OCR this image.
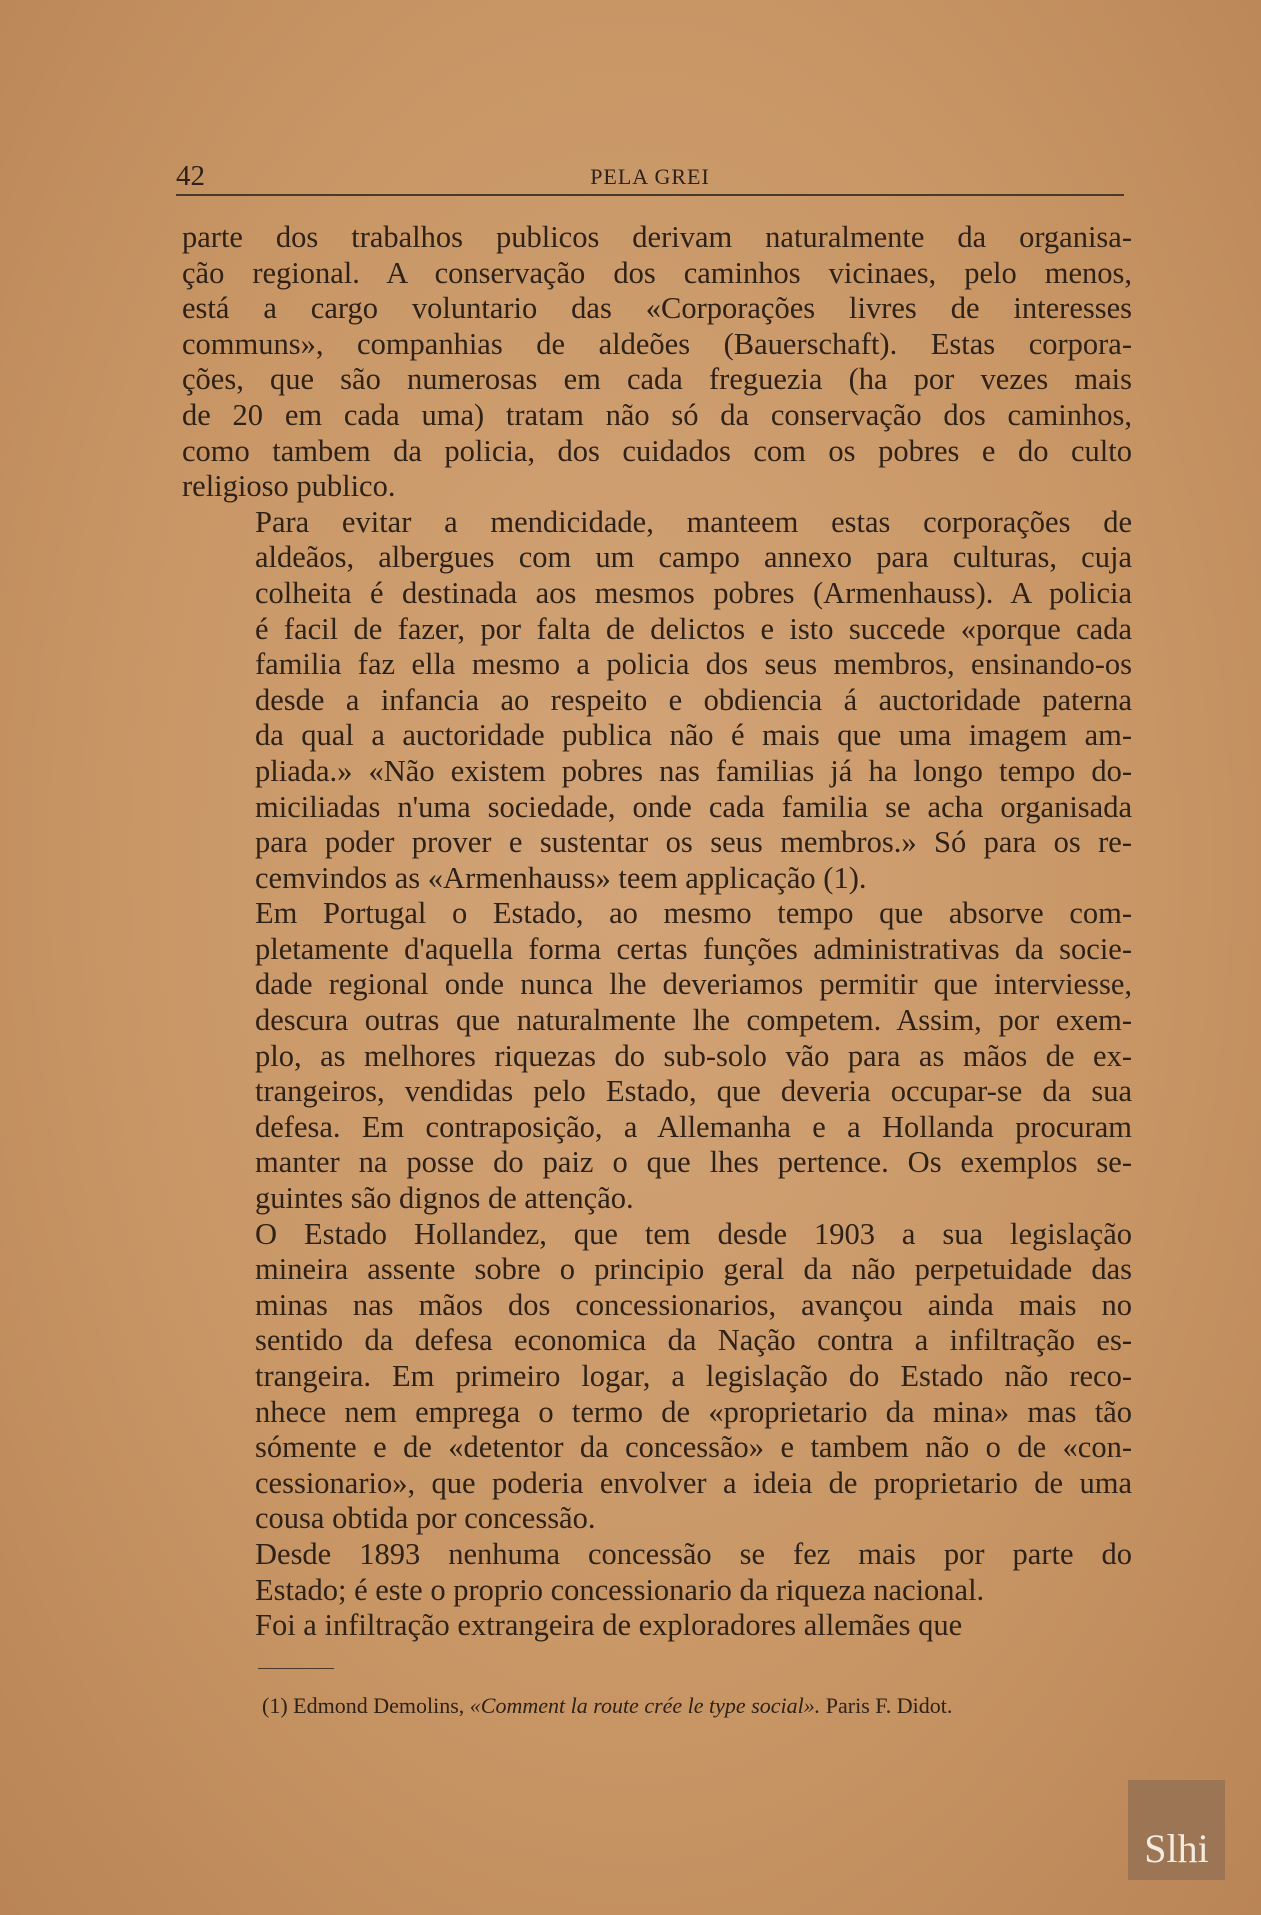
42	PELA GREI

parte dos trabalhos publicos derivam naturalmente da organisa-
ção regional. A conservação dos caminhos vicinaes, pelo menos,
está a cargo voluntario das «Corporações livres de interesses
communs», companhias de aldeões (Bauerschaft). Estas corpora-
ções, que são numerosas em cada freguezia (ha por vezes mais
de 20 em cada uma) tratam não só da conservação dos caminhos,
como tambem da policia, dos cuidados com os pobres e do culto
religioso publico.

Para evitar a mendicidade, manteem estas corporações de
aldeãos, albergues com um campo annexo para culturas, cuja
colheita é destinada aos mesmos pobres (Armenhauss). A policia
é facil de fazer, por falta de delictos e isto succede «porque cada
familia faz ella mesmo a policia dos seus membros, ensinando-os
desde a infancia ao respeito e obdiencia á auctoridade paterna
da qual a auctoridade publica não é mais que uma imagem am-
pliada.» «Não existem pobres nas familias já ha longo tempo do-
miciliadas n'uma sociedade, onde cada familia se acha organisada
para poder prover e sustentar os seus membros.» Só para os re-
cemvindos as «Armenhauss» teem applicação (1).

Em Portugal o Estado, ao mesmo tempo que absorve com-
pletamente d'aquella forma certas funções administrativas da socie-
dade regional onde nunca lhe deveriamos permitir que interviesse,
descura outras que naturalmente lhe competem. Assim, por exem-
plo, as melhores riquezas do sub-solo vão para as mãos de ex-
trangeiros, vendidas pelo Estado, que deveria occupar-se da sua
defesa. Em contraposição, a Allemanha e a Hollanda procuram
manter na posse do paiz o que lhes pertence. Os exemplos se-
guintes são dignos de attenção.

O Estado Hollandez, que tem desde 1903 a sua legislação
mineira assente sobre o principio geral da não perpetuidade das
minas nas mãos dos concessionarios, avançou ainda mais no
sentido da defesa economica da Nação contra a infiltração es-
trangeira. Em primeiro logar, a legislação do Estado não reco-
nhece nem emprega o termo de «proprietario da mina» mas tão
sómente e de «detentor da concessão» e tambem não o de «con-
cessionario», que poderia envolver a ideia de proprietario de uma
cousa obtida por concessão.

Desde 1893 nenhuma concessão se fez mais por parte do
Estado; é este o proprio concessionario da riqueza nacional.

Foi a infiltração extrangeira de exploradores allemães que

(1) Edmond Demolins, «Comment la route crée le type social». Paris F. Didot.
Slhi
